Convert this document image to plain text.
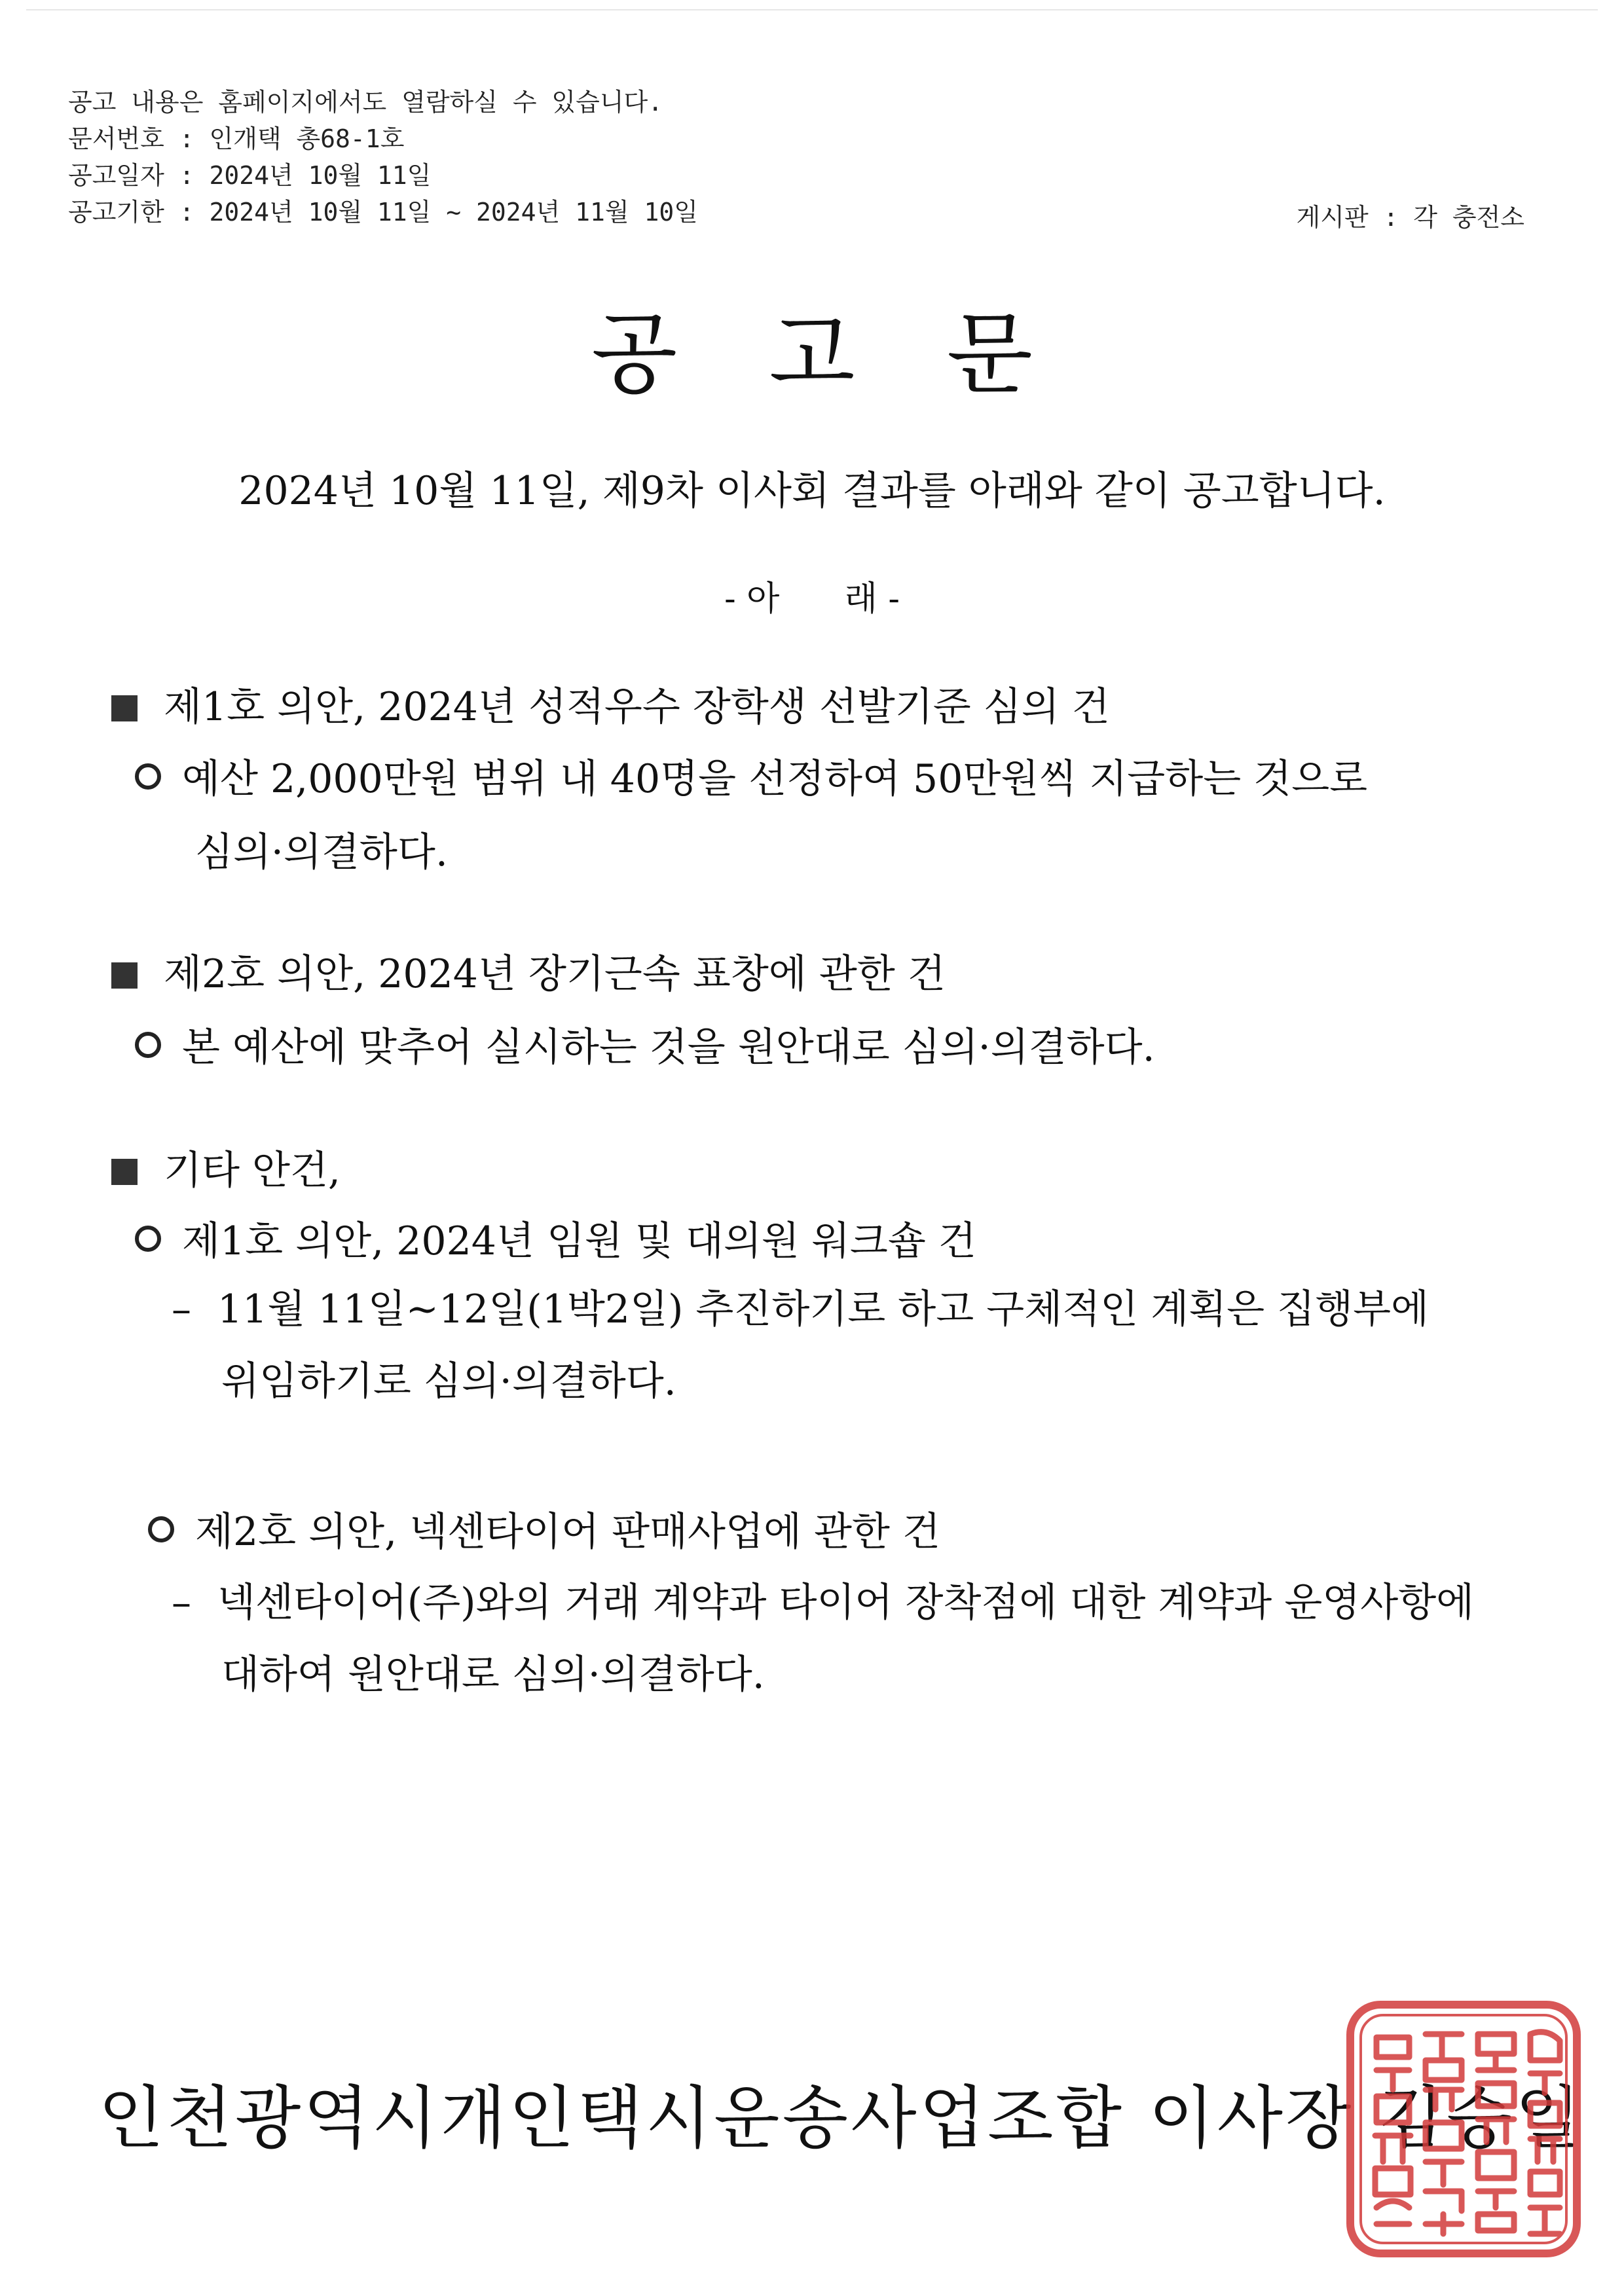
공고 내용은 홈페이지에서도 열람하실 수 있습니다.
문서번호 : 인개택 총68-1호
공고일자 : 2024년 10월 11일
공고기한 : 2024년 10월 11일 ~ 2024년 11월 10일	게시판 : 각 충전소
공고문
2024년 10월 11일, 제9차 이사회 결과를 아래와 같이 공고합니다.
- 아      래 -
제1호 의안, 2024년 성적우수 장학생 선발기준 심의 건
예산 2,000만원 범위 내 40명을 선정하여 50만원씩 지급하는 것으로
심의·의결하다.
제2호 의안, 2024년 장기근속 표창에 관한 건
본 예산에 맞추어 실시하는 것을 원안대로 심의·의결하다.
기타 안건,
제1호 의안, 2024년 임원 및 대의원 워크숍 건
– 11월 11일~12일(1박2일) 추진하기로 하고 구체적인 계획은 집행부에
위임하기로 심의·의결하다.
제2호 의안, 넥센타이어 판매사업에 관한 건
– 넥센타이어(주)와의 거래 계약과 타이어 장착점에 대한 계약과 운영사항에
대하여 원안대로 심의·의결하다.
인천광역시개인택시운송사업조합 이사장 김승일
